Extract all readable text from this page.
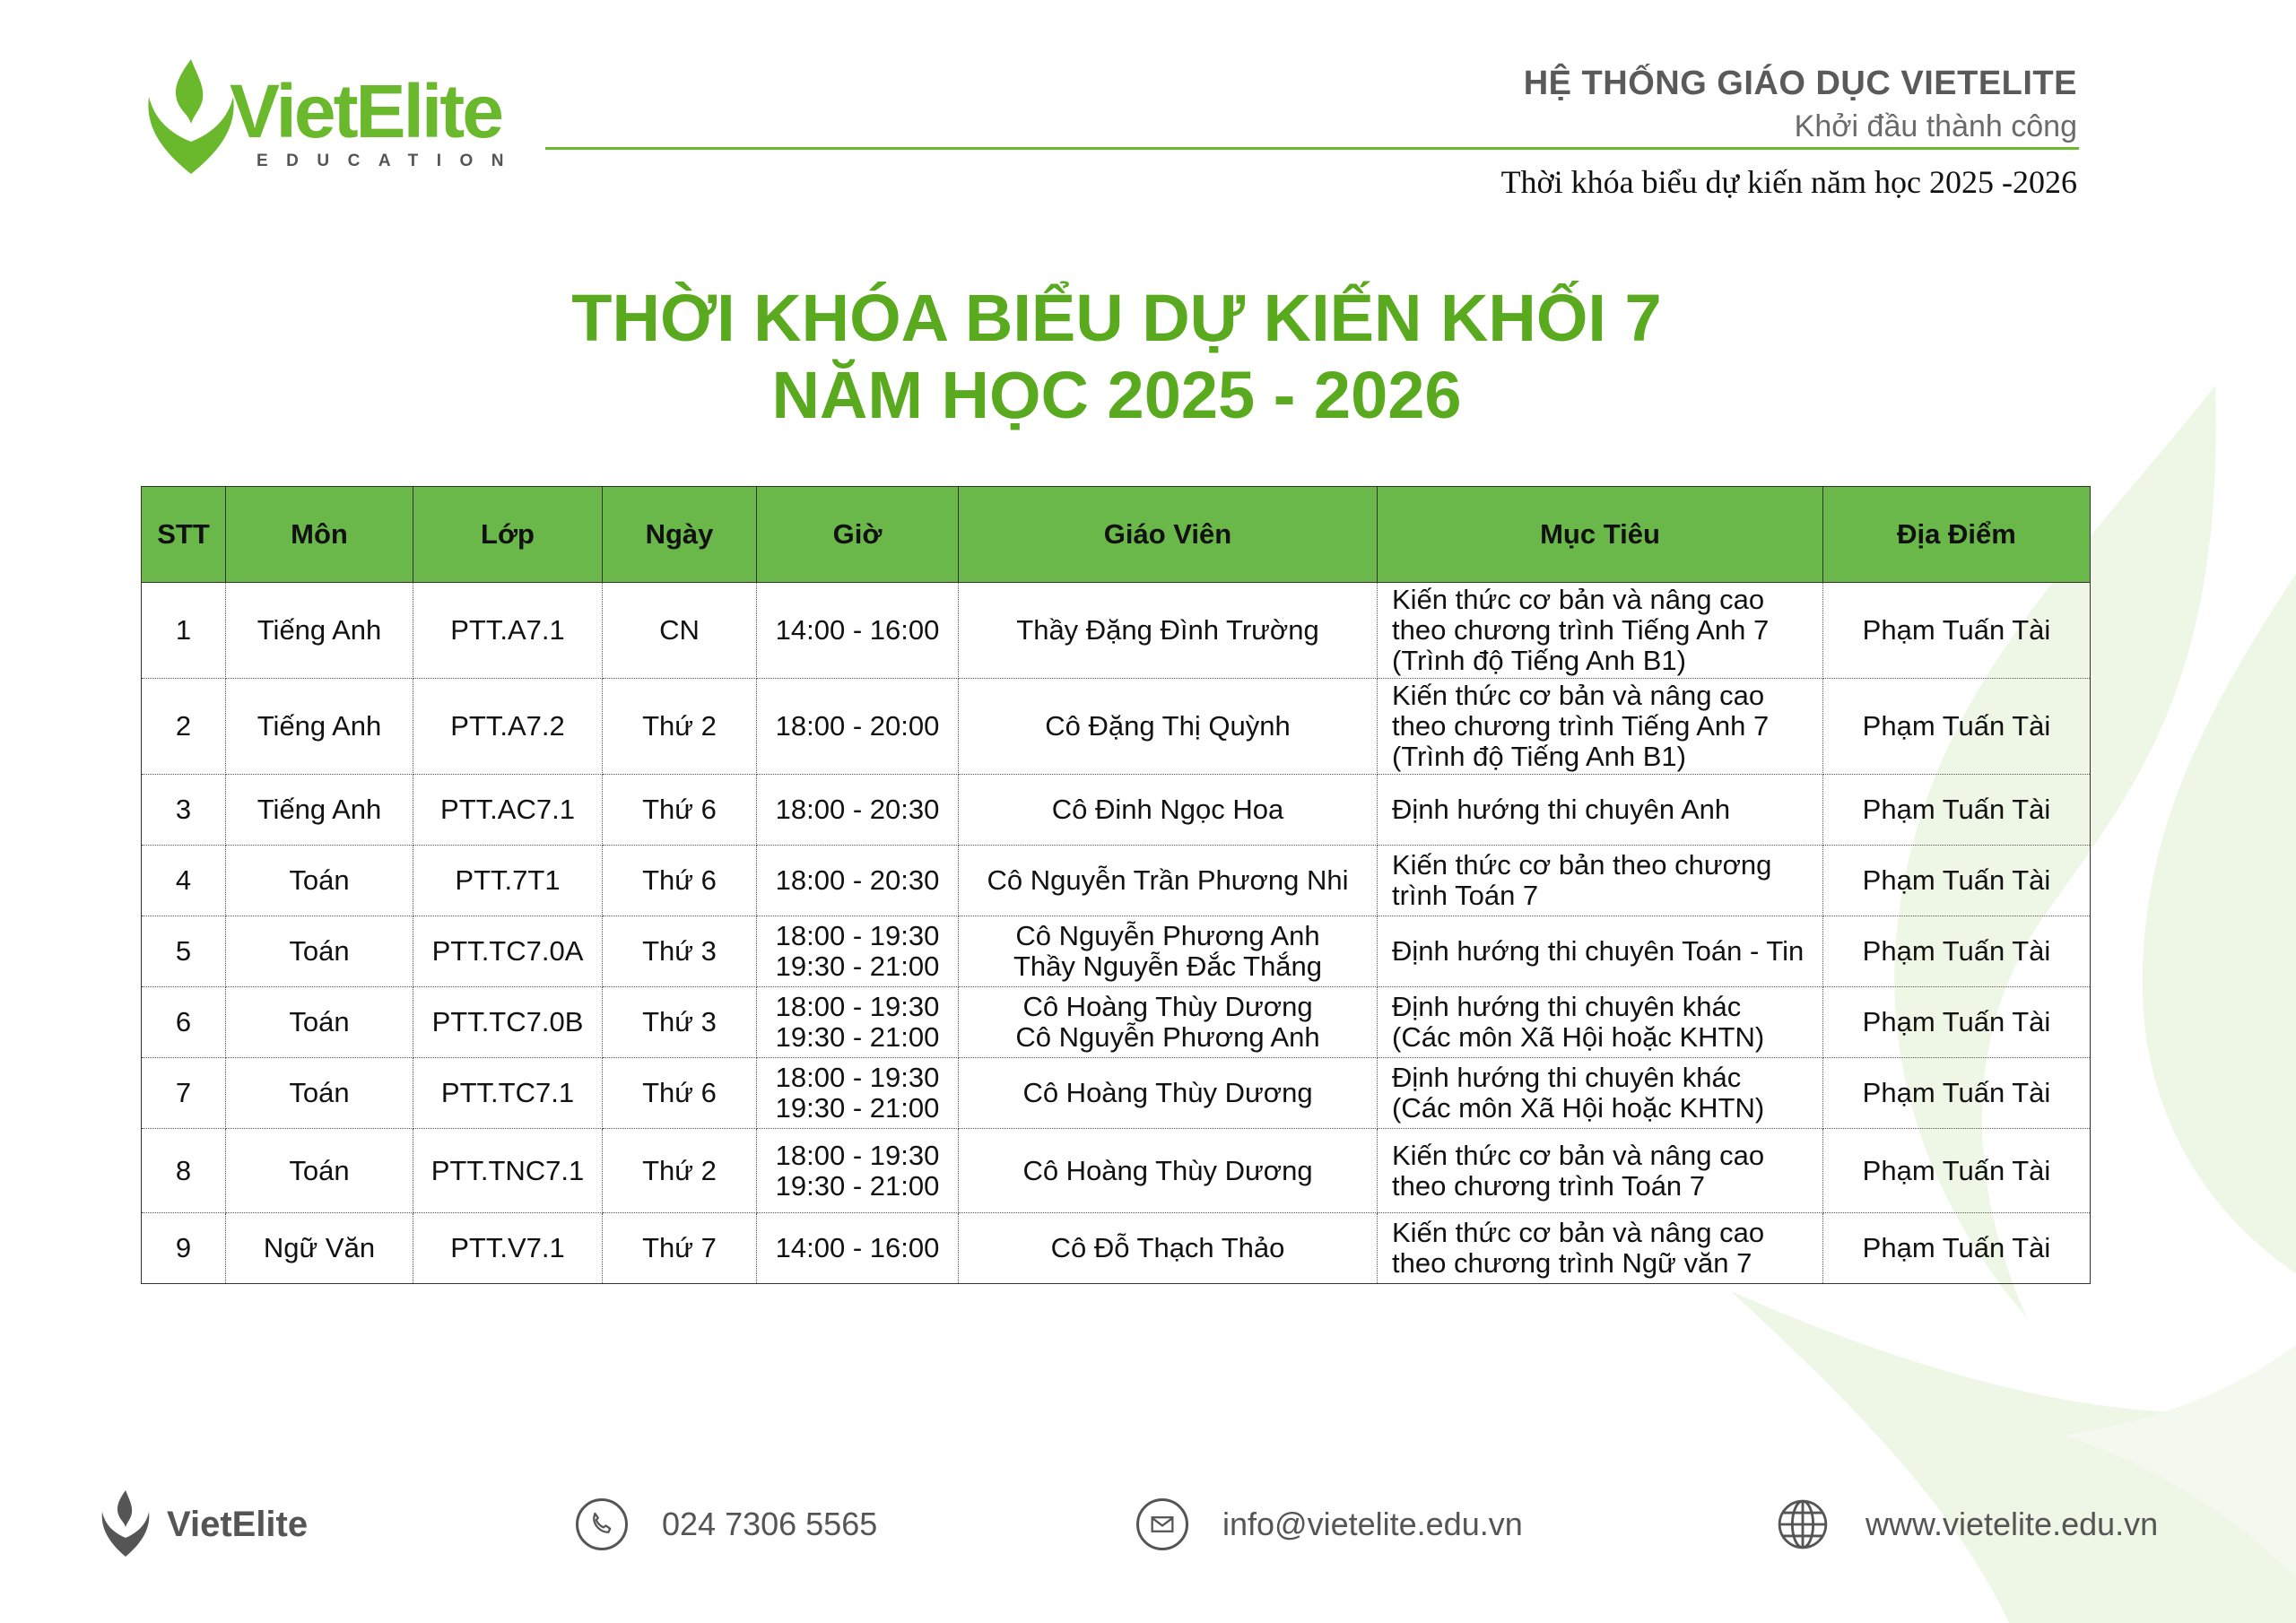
VietElite
EDUCATION
HỆ THỐNG GIÁO DỤC VIETELITE
Khởi đầu thành công
Thời khóa biểu dự kiến năm học 2025 -2026
THỜI KHÓA BIỂU DỰ KIẾN KHỐI 7
NĂM HỌC 2025 - 2026
STT	Môn	Lớp	Ngày	Giờ	Giáo Viên	Mục Tiêu	Địa Điểm
1	Tiếng Anh	PTT.A7.1	CN	14:00 - 16:00	Thầy Đặng Đình Trường	Kiến thức cơ bản và nâng cao
theo chương trình Tiếng Anh 7
(Trình độ Tiếng Anh B1)	Phạm Tuấn Tài
2	Tiếng Anh	PTT.A7.2	Thứ 2	18:00 - 20:00	Cô Đặng Thị Quỳnh	Kiến thức cơ bản và nâng cao
theo chương trình Tiếng Anh 7
(Trình độ Tiếng Anh B1)	Phạm Tuấn Tài
3	Tiếng Anh	PTT.AC7.1	Thứ 6	18:00 - 20:30	Cô Đinh Ngọc Hoa	Định hướng thi chuyên Anh	Phạm Tuấn Tài
4	Toán	PTT.7T1	Thứ 6	18:00 - 20:30	Cô Nguyễn Trần Phương Nhi	Kiến thức cơ bản theo chương
trình Toán 7	Phạm Tuấn Tài
5	Toán	PTT.TC7.0A	Thứ 3	18:00 - 19:30
19:30 - 21:00	Cô Nguyễn Phương Anh
Thầy Nguyễn Đắc Thắng	Định hướng thi chuyên Toán - Tin	Phạm Tuấn Tài
6	Toán	PTT.TC7.0B	Thứ 3	18:00 - 19:30
19:30 - 21:00	Cô Hoàng Thùy Dương
Cô Nguyễn Phương Anh	Định hướng thi chuyên khác
(Các môn Xã Hội hoặc KHTN)	Phạm Tuấn Tài
7	Toán	PTT.TC7.1	Thứ 6	18:00 - 19:30
19:30 - 21:00	Cô Hoàng Thùy Dương	Định hướng thi chuyên khác
(Các môn Xã Hội hoặc KHTN)	Phạm Tuấn Tài
8	Toán	PTT.TNC7.1	Thứ 2	18:00 - 19:30
19:30 - 21:00	Cô Hoàng Thùy Dương	Kiến thức cơ bản và nâng cao
theo chương trình Toán 7	Phạm Tuấn Tài
9	Ngữ Văn	PTT.V7.1	Thứ 7	14:00 - 16:00	Cô Đỗ Thạch Thảo	Kiến thức cơ bản và nâng cao
theo chương trình Ngữ văn 7	Phạm Tuấn Tài
VietElite	024 7306 5565	info@vietelite.edu.vn	www.vietelite.edu.vn
